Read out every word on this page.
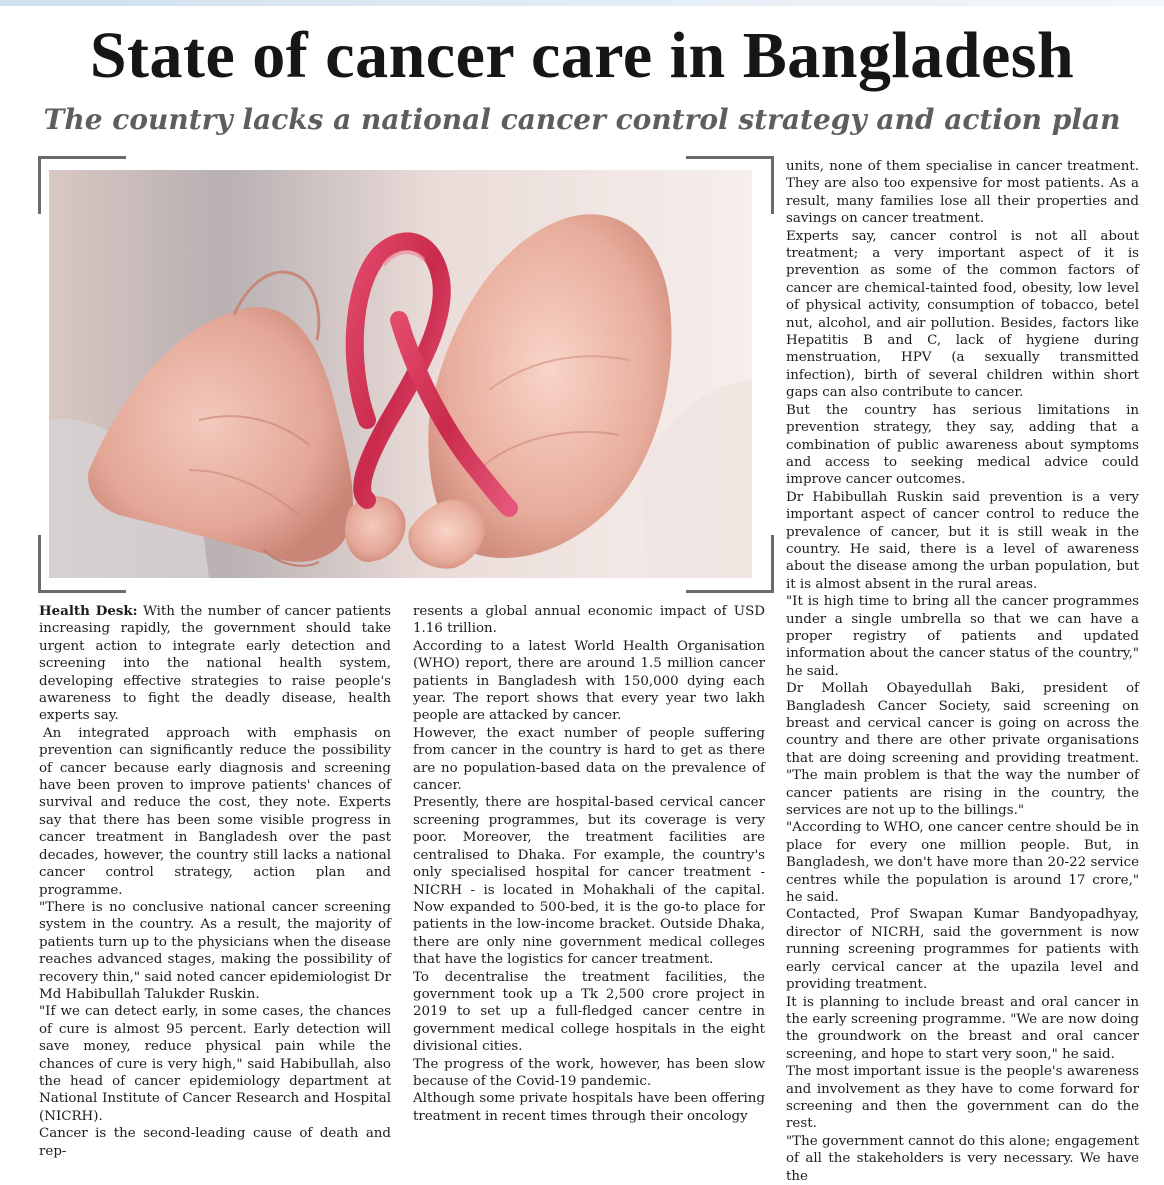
State of cancer care in Bangladesh
The country lacks a national cancer control strategy and action plan

Health Desk: With the number of cancer patients increasing rapidly, the government should take urgent action to integrate early detection and screening into the national health system, developing effective strategies to raise people's awareness to fight the deadly disease, health experts say.

An integrated approach with emphasis on prevention can significantly reduce the possibility of cancer because early diagnosis and screening have been proven to improve patients' chances of survival and reduce the cost, they note. Experts say that there has been some visible progress in cancer treatment in Bangladesh over the past decades, however, the country still lacks a national cancer control strategy, action plan and programme.

"There is no conclusive national cancer screening system in the country. As a result, the majority of patients turn up to the physicians when the disease reaches advanced stages, making the possibility of recovery thin," said noted cancer epidemiologist Dr Md Habibullah Talukder Ruskin.

"If we can detect early, in some cases, the chances of cure is almost 95 percent. Early detection will save money, reduce physical pain while the chances of cure is very high," said Habibullah, also the head of cancer epidemiology department at National Institute of Cancer Research and Hospital (NICRH).

Cancer is the second-leading cause of death and rep-

resents a global annual economic impact of USD 1.16 trillion.

According to a latest World Health Organisation (WHO) report, there are around 1.5 million cancer patients in Bangladesh with 150,000 dying each year. The report shows that every year two lakh people are attacked by cancer.

However, the exact number of people suffering from cancer in the country is hard to get as there are no population-based data on the prevalence of cancer.

Presently, there are hospital-based cervical cancer screening programmes, but its coverage is very poor. Moreover, the treatment facilities are centralised to Dhaka. For example, the country's only specialised hospital for cancer treatment - NICRH - is located in Mohakhali of the capital. Now expanded to 500-bed, it is the go-to place for patients in the low-income bracket. Outside Dhaka, there are only nine government medical colleges that have the logistics for cancer treatment.

To decentralise the treatment facilities, the government took up a Tk 2,500 crore project in 2019 to set up a full-fledged cancer centre in government medical college hospitals in the eight divisional cities.

The progress of the work, however, has been slow because of the Covid-19 pandemic.

Although some private hospitals have been offering treatment in recent times through their oncology

units, none of them specialise in cancer treatment. They are also too expensive for most patients. As a result, many families lose all their properties and savings on cancer treatment.

Experts say, cancer control is not all about treatment; a very important aspect of it is prevention as some of the common factors of cancer are chemical-tainted food, obesity, low level of physical activity, consumption of tobacco, betel nut, alcohol, and air pollution. Besides, factors like Hepatitis B and C, lack of hygiene during menstruation, HPV (a sexually transmitted infection), birth of several children within short gaps can also contribute to cancer.

But the country has serious limitations in prevention strategy, they say, adding that a combination of public awareness about symptoms and access to seeking medical advice could improve cancer outcomes.

Dr Habibullah Ruskin said prevention is a very important aspect of cancer control to reduce the prevalence of cancer, but it is still weak in the country. He said, there is a level of awareness about the disease among the urban population, but it is almost absent in the rural areas.

"It is high time to bring all the cancer programmes under a single umbrella so that we can have a proper registry of patients and updated information about the cancer status of the country," he said.

Dr Mollah Obayedullah Baki, president of Bangladesh Cancer Society, said screening on breast and cervical cancer is going on across the country and there are other private organisations that are doing screening and providing treatment. "The main problem is that the way the number of cancer patients are rising in the country, the services are not up to the billings."

"According to WHO, one cancer centre should be in place for every one million people. But, in Bangladesh, we don't have more than 20-22 service centres while the population is around 17 crore," he said.

Contacted, Prof Swapan Kumar Bandyopadhyay, director of NICRH, said the government is now running screening programmes for patients with early cervical cancer at the upazila level and providing treatment.

It is planning to include breast and oral cancer in the early screening programme. "We are now doing the groundwork on the breast and oral cancer screening, and hope to start very soon," he said.

The most important issue is the people's awareness and involvement as they have to come forward for screening and then the government can do the rest.

"The government cannot do this alone; engagement of all the stakeholders is very necessary. We have the
